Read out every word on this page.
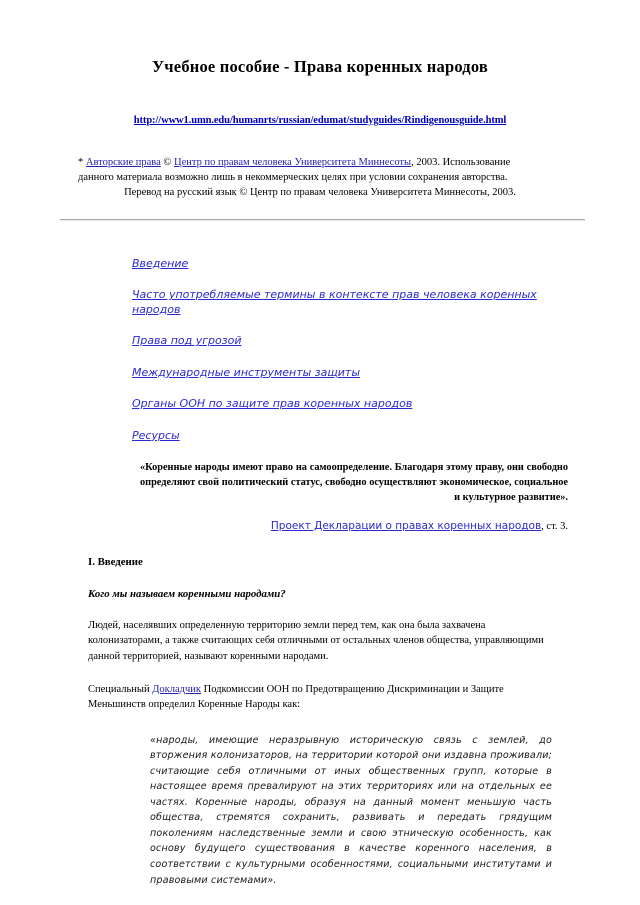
Учебное пособие - Права коренных народов
http://www1.umn.edu/humanrts/russian/edumat/studyguides/Rindigenousguide.html
* Авторские права © Центр по правам человека Университета Миннесоты, 2003. Использование
данного материала возможно лишь в некоммерческих целях при условии сохранения авторства.
Перевод на русский язык © Центр по правам человека Университета Миннесоты, 2003.
Введение
Часто употребляемые термины в контексте прав человека коренных народов
Права под угрозой
Международные инструменты защиты
Органы ООН по защите прав коренных народов
Ресурсы

«Коренные народы имеют право на самоопределение. Благодаря этому праву, они свободно определяют свой политический статус, свободно осуществляют экономическое, социальное и культурное развитие».

Проект Декларации о правах коренных народов, ст. 3.

I. Введение
Кого мы называем коренными народами?

Людей, населявших определенную территорию земли перед тем, как она была захвачена колонизаторами, а также считающих себя отличными от остальных членов общества, управляющими данной территорией, называют коренными народами.

Специальный Докладчик Подкомиссии ООН по Предотвращению Дискриминации и Защите Меньшинств определил Коренные Народы как:

«народы, имеющие неразрывную историческую связь с землей, до вторжения колонизаторов, на территории которой они издавна проживали; считающие себя отличными от иных общественных групп, которые в настоящее время превалируют на этих территориях или на отдельных ее частях. Коренные народы, образуя на данный момент меньшую часть общества, стремятся сохранить, развивать и передать грядущим поколениям наследственные земли и свою этническую особенность, как основу будущего существования в качестве коренного населения, в соответствии с культурными особенностями, социальными институтами и правовыми системами».
